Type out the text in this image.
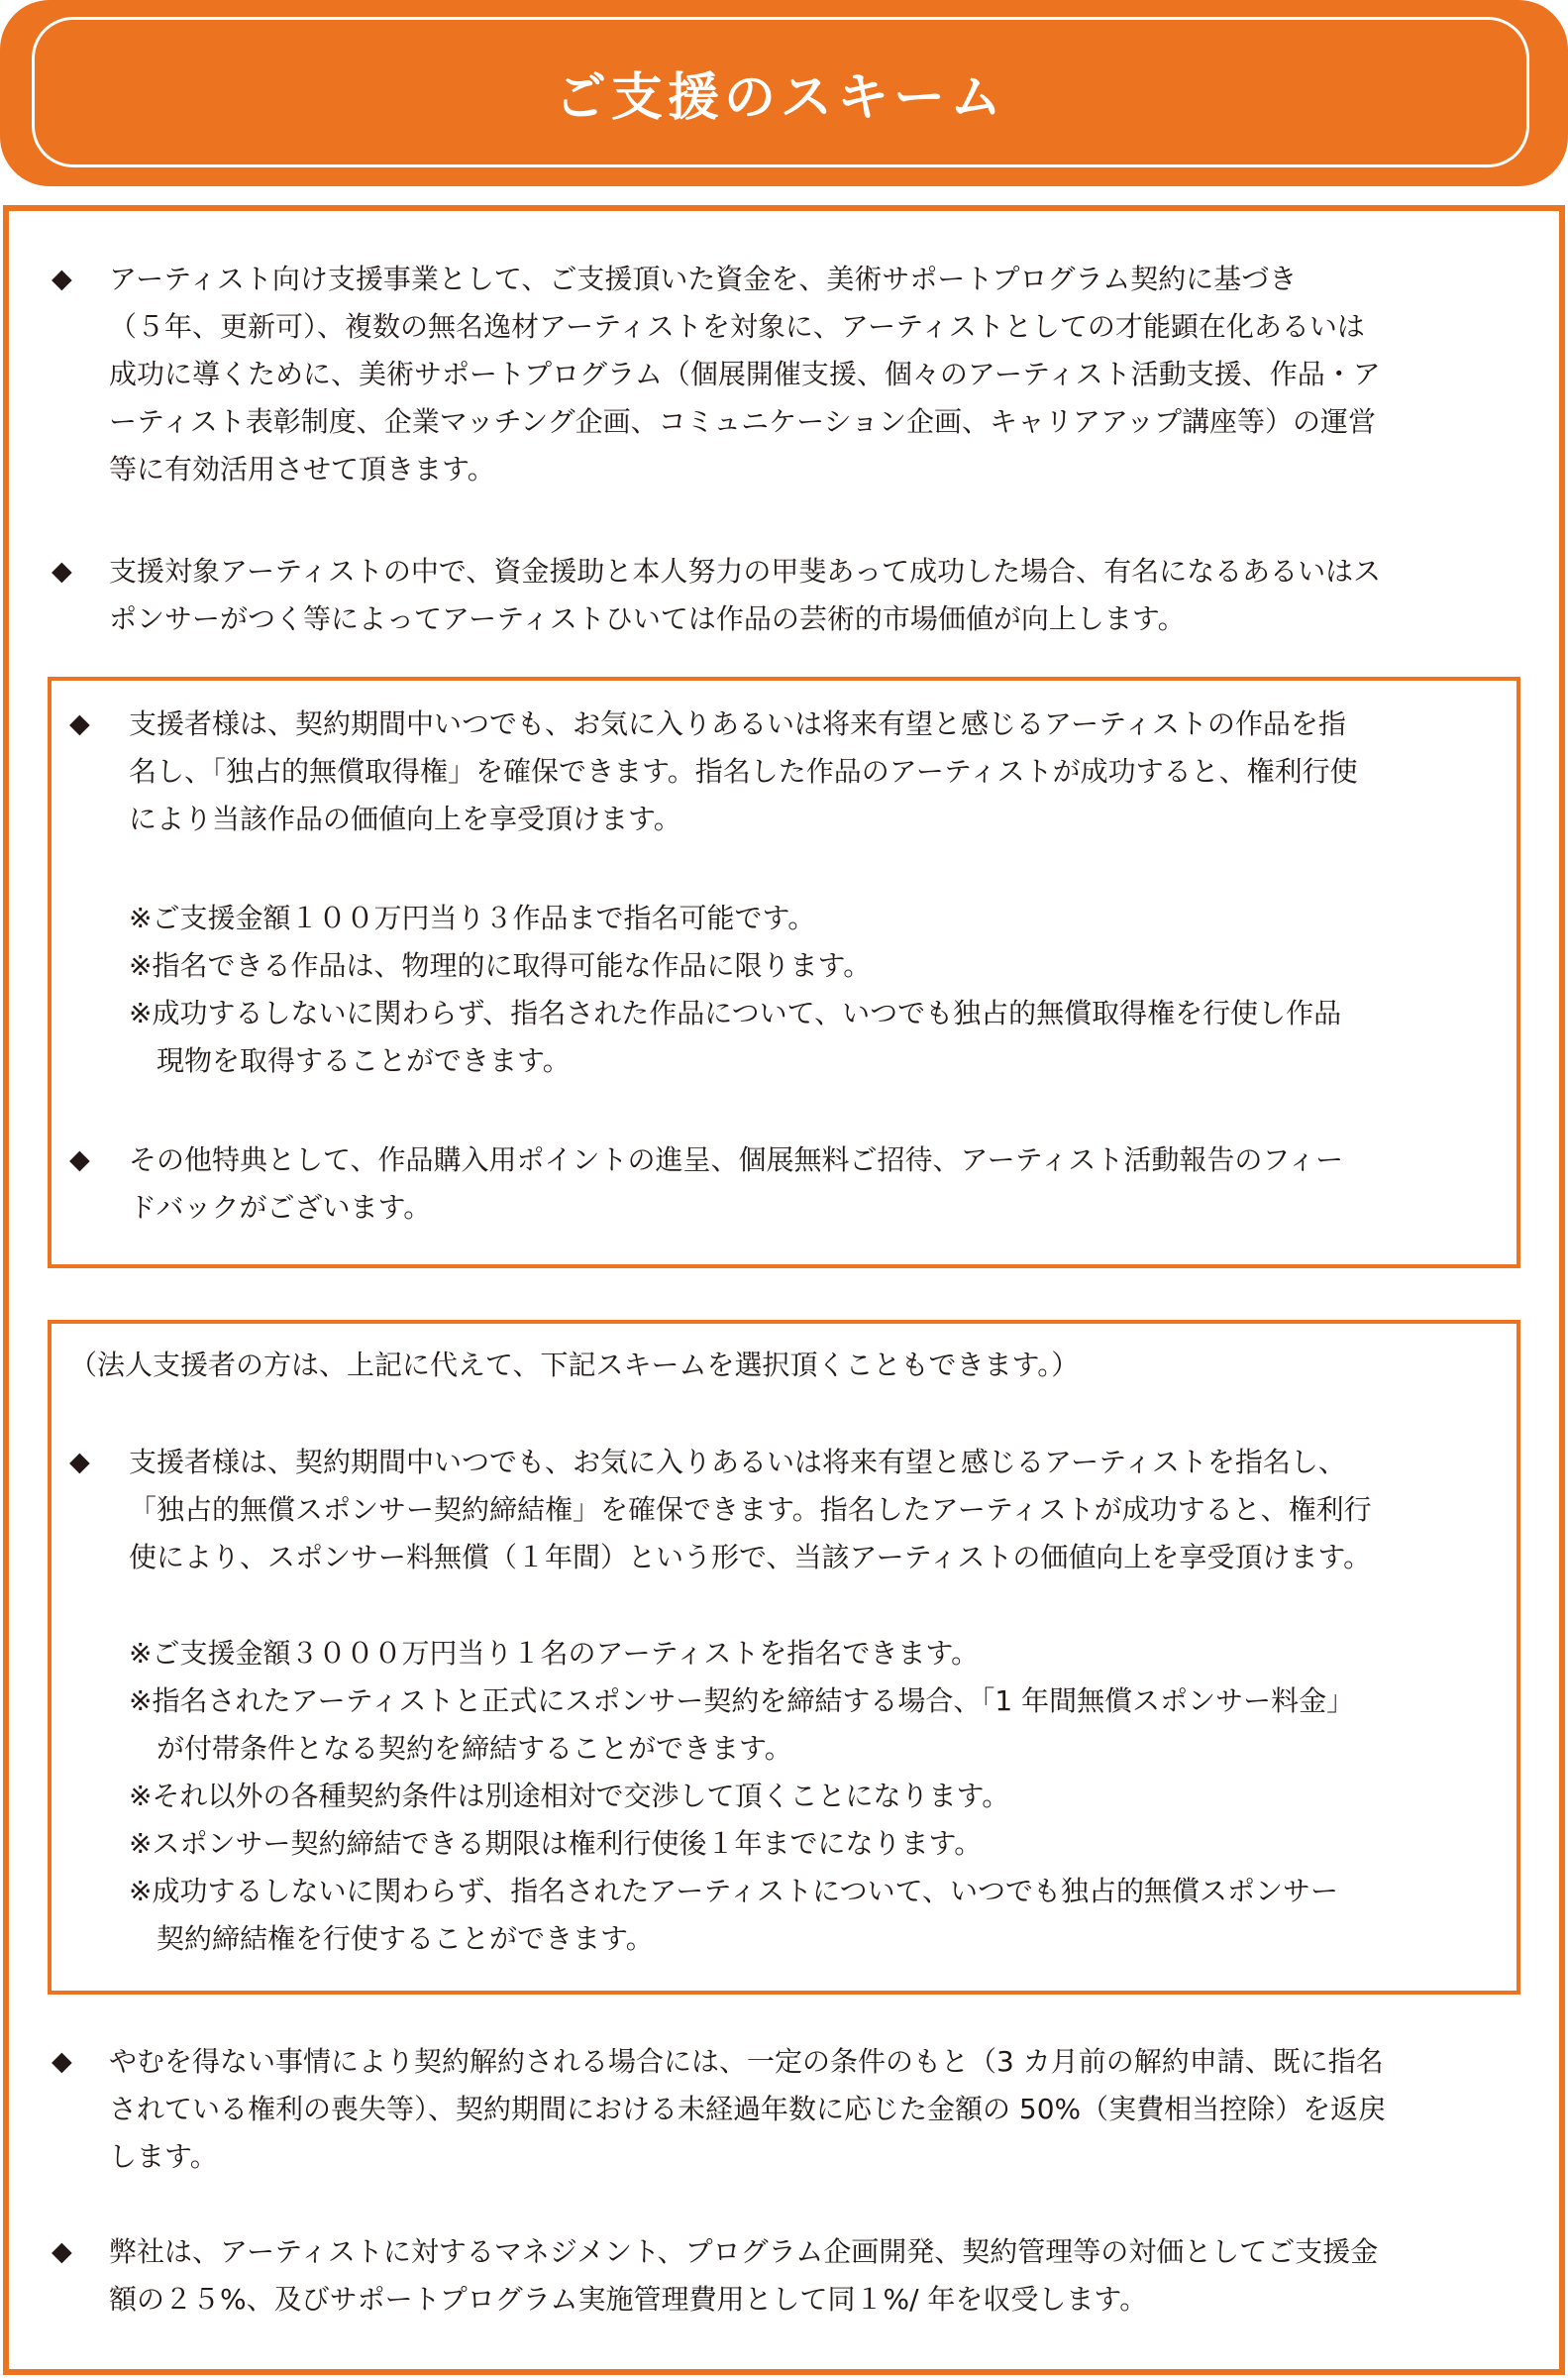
ご支援のスキーム
◆ アーティスト向け支援事業として、ご支援頂いた資金を、美術サポートプログラム契約に基づき
（５年、更新可）、複数の無名逸材アーティストを対象に、アーティストとしての才能顕在化あるいは
成功に導くために、美術サポートプログラム（個展開催支援、個々のアーティスト活動支援、作品・ア
ーティスト表彰制度、企業マッチング企画、コミュニケーション企画、キャリアアップ講座等）の運営
等に有効活用させて頂きます。
◆ 支援対象アーティストの中で、資金援助と本人努力の甲斐あって成功した場合、有名になるあるいはス
ポンサーがつく等によってアーティストひいては作品の芸術的市場価値が向上します。
◆ 支援者様は、契約期間中いつでも、お気に入りあるいは将来有望と感じるアーティストの作品を指
名し、「独占的無償取得権」を確保できます。指名した作品のアーティストが成功すると、権利行使
により当該作品の価値向上を享受頂けます。
※ご支援金額１００万円当り３作品まで指名可能です。
※指名できる作品は、物理的に取得可能な作品に限ります。
※成功するしないに関わらず、指名された作品について、いつでも独占的無償取得権を行使し作品
現物を取得することができます。
◆ その他特典として、作品購入用ポイントの進呈、個展無料ご招待、アーティスト活動報告のフィー
ドバックがございます。
（法人支援者の方は、上記に代えて、下記スキームを選択頂くこともできます。）
◆ 支援者様は、契約期間中いつでも、お気に入りあるいは将来有望と感じるアーティストを指名し、
「独占的無償スポンサー契約締結権」を確保できます。指名したアーティストが成功すると、権利行
使により、スポンサー料無償（１年間）という形で、当該アーティストの価値向上を享受頂けます。
※ご支援金額３０００万円当り１名のアーティストを指名できます。
※指名されたアーティストと正式にスポンサー契約を締結する場合、「1 年間無償スポンサー料金」
が付帯条件となる契約を締結することができます。
※それ以外の各種契約条件は別途相対で交渉して頂くことになります。
※スポンサー契約締結できる期限は権利行使後１年までになります。
※成功するしないに関わらず、指名されたアーティストについて、いつでも独占的無償スポンサー
契約締結権を行使することができます。
◆ やむを得ない事情により契約解約される場合には、一定の条件のもと（3 カ月前の解約申請、既に指名
されている権利の喪失等）、契約期間における未経過年数に応じた金額の 50%（実費相当控除）を返戻
します。
◆ 弊社は、アーティストに対するマネジメント、プログラム企画開発、契約管理等の対価としてご支援金
額の２５%、及びサポートプログラム実施管理費用として同１%/ 年を収受します。
